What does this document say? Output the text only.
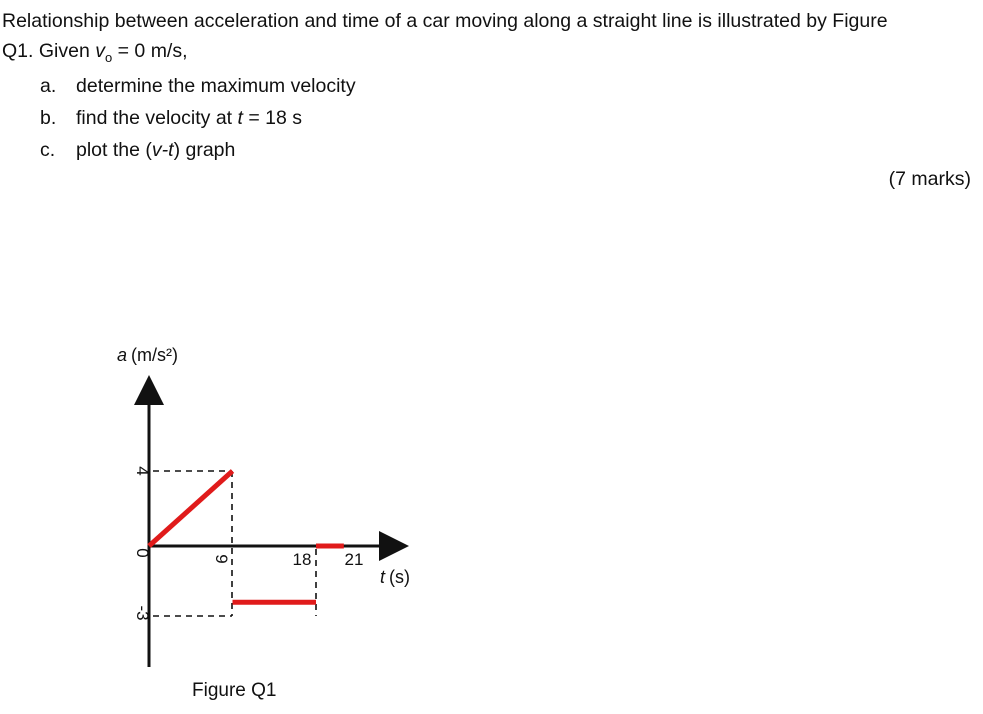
Relationship between acceleration and time of a car moving along a straight line is illustrated by Figure
Q1. Given $v_o = 0$ m/s,

a. determine the maximum velocity
b. find the velocity at t = 18 s
c. plot the (v-t) graph
(7 marks)
a (m/s²)
t (s)
4
0
-3
9	18 21
Figure Q1
